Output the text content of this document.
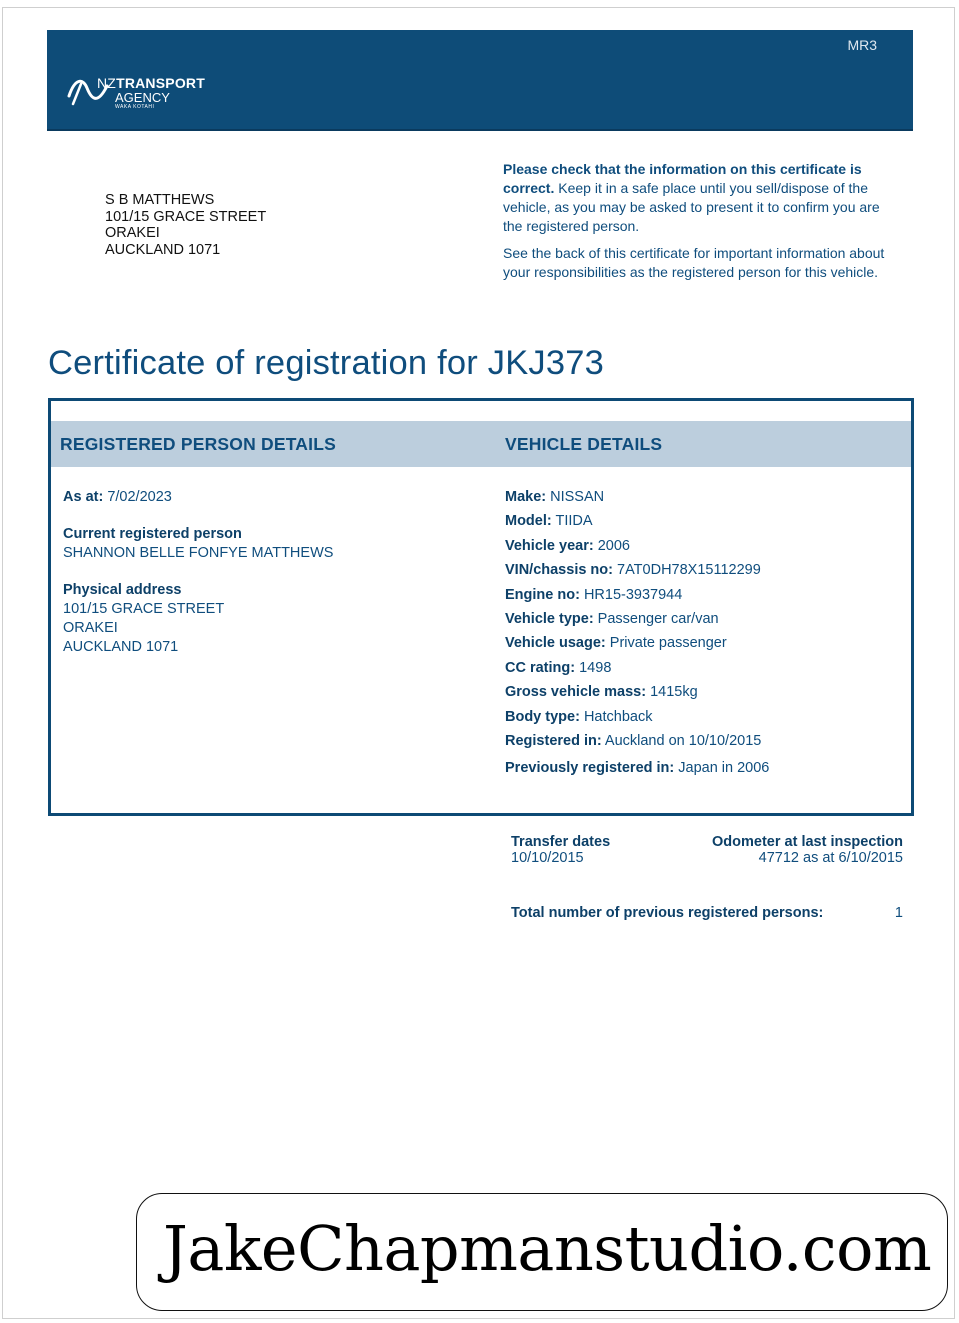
MR3
NZTRANSPORT
AGENCY
WAKA KOTAHI
S B MATTHEWS
101/15 GRACE STREET
ORAKEI
AUCKLAND 1071

Please check that the information on this certificate is correct. Keep it in a safe place until you sell/dispose of the vehicle, as you may be asked to present it to confirm you are the registered person.

See the back of this certificate for important information about your responsibilities as the registered person for this vehicle.

Certificate of registration for JKJ373
REGISTERED PERSON DETAILS	VEHICLE DETAILS
As at: 7/02/2023
Current registered person
SHANNON BELLE FONFYE MATTHEWS
Physical address
101/15 GRACE STREET
ORAKEI
AUCKLAND 1071
Make: NISSAN
Model: TIIDA
Vehicle year: 2006
VIN/chassis no: 7AT0DH78X15112299
Engine no: HR15-3937944
Vehicle type: Passenger car/van
Vehicle usage: Private passenger
CC rating: 1498
Gross vehicle mass: 1415kg
Body type: Hatchback
Registered in: Auckland on 10/10/2015
Previously registered in: Japan in 2006
Transfer dates
10/10/2015
Odometer at last inspection
47712 as at 6/10/2015
Total number of previous registered persons:	1
JakeChapmanstudio.com
